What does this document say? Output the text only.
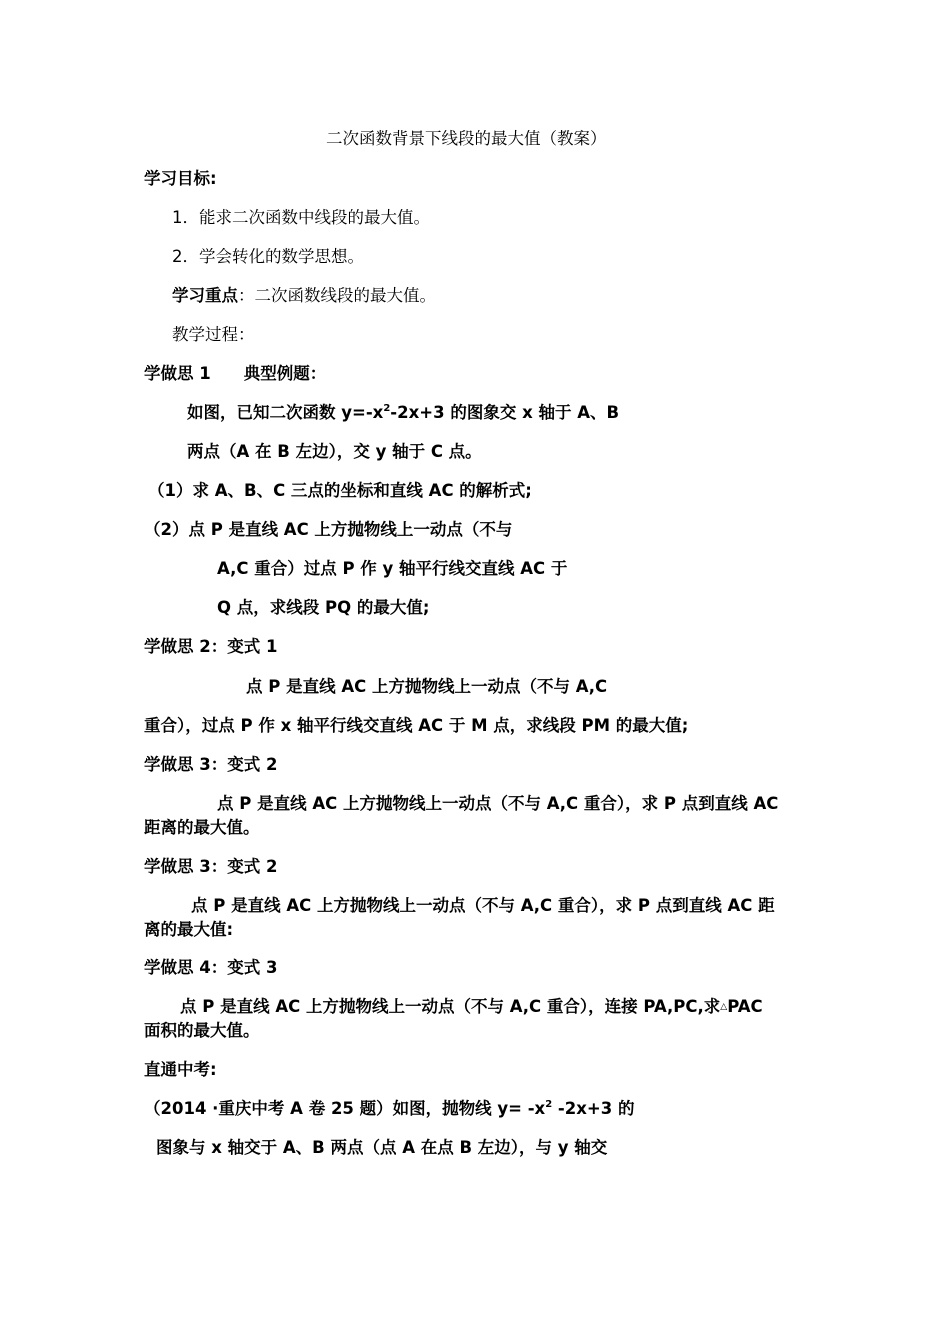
二次函数背景下线段的最大值（教案）
学习目标:
1．能求二次函数中线段的最大值。
2．学会转化的数学思想。
学习重点：二次函数线段的最大值。
教学过程：
学做思 1　　典型例题：
如图，已知二次函数 $y=-x^2-2x+3$ 的图象交 x 轴于 A、B
两点（A 在 B 左边），交 y 轴于 C 点。
（1）求 A、B、C 三点的坐标和直线 AC 的解析式;
（2）点 P 是直线 AC 上方抛物线上一动点（不与
A,C 重合）过点 P 作 y 轴平行线交直线 AC 于
Q 点，求线段 PQ 的最大值;
学做思 2：变式 1
点 P 是直线 AC 上方抛物线上一动点（不与 A,C
重合），过点 P 作 x 轴平行线交直线 AC 于 M 点，求线段 PM 的最大值;
学做思 3：变式 2
点 P 是直线 AC 上方抛物线上一动点（不与 A,C 重合），求 P 点到直线 AC
距离的最大值。
学做思 3：变式 2
点 P 是直线 AC 上方抛物线上一动点（不与 A,C 重合），求 P 点到直线 AC 距
离的最大值:
学做思 4：变式 3
点 P 是直线 AC 上方抛物线上一动点（不与 A,C 重合），连接 PA,PC,求△PAC
面积的最大值。
直通中考:
（2014 ·重庆中考 A 卷 25 题）如图，抛物线 $y= -x^2$ -2x+3 的
图象与 x 轴交于 A、B 两点（点 A 在点 B 左边），与 y 轴交
